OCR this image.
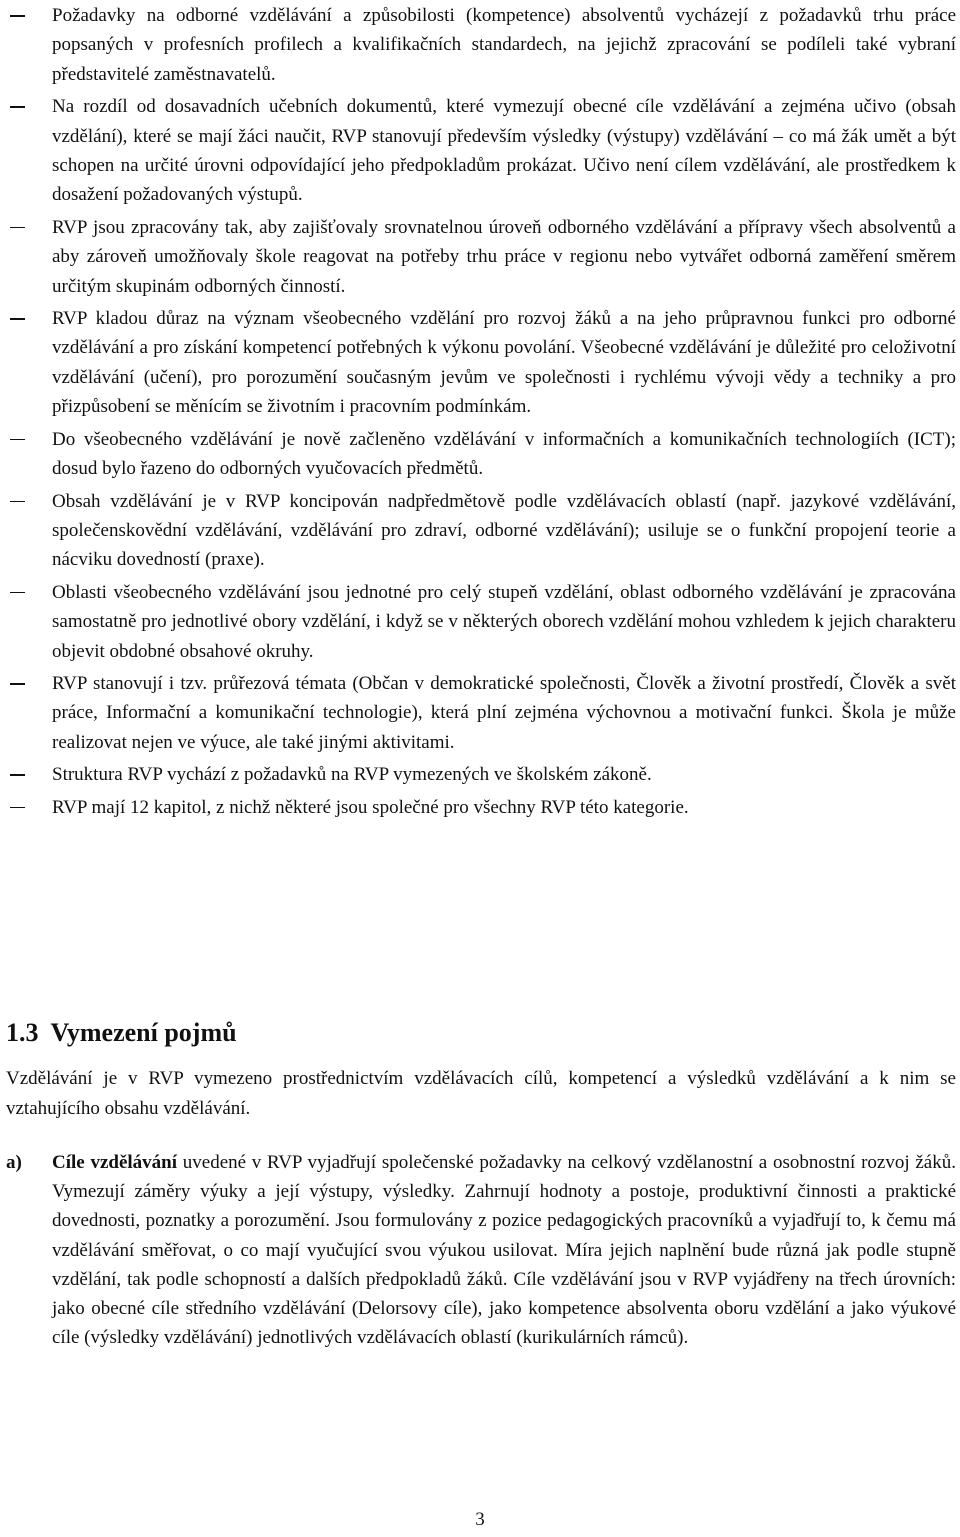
Požadavky na odborné vzdělávání a způsobilosti (kompetence) absolventů vycházejí z požadavků trhu práce popsaných v profesních profilech a kvalifikačních standardech, na jejichž zpracování se podíleli také vybraní představitelé zaměstnavatelů.
Na rozdíl od dosavadních učebních dokumentů, které vymezují obecné cíle vzdělávání a zejména učivo (obsah vzdělání), které se mají žáci naučit, RVP stanovují především výsledky (výstupy) vzdělávání – co má žák umět a být schopen na určité úrovni odpovídající jeho předpokladům prokázat. Učivo není cílem vzdělávání, ale prostředkem k dosažení požadovaných výstupů.
RVP jsou zpracovány tak, aby zajišťovaly srovnatelnou úroveň odborného vzdělávání a přípravy všech absolventů a aby zároveň umožňovaly škole reagovat na potřeby trhu práce v regionu nebo vytvářet odborná zaměření směrem určitým skupinám odborných činností.
RVP kladou důraz na význam všeobecného vzdělání pro rozvoj žáků a na jeho průpravnou funkci pro odborné vzdělávání a pro získání kompetencí potřebných k výkonu povolání. Všeobecné vzdělávání je důležité pro celoživotní vzdělávání (učení), pro porozumění současným jevům ve společnosti i rychlému vývoji vědy a techniky a pro přizpůsobení se měnícím se životním i pracovním podmínkám.
Do všeobecného vzdělávání je nově začleněno vzdělávání v informačních a komunikačních technologiích (ICT); dosud bylo řazeno do odborných vyučovacích předmětů.
Obsah vzdělávání je v RVP koncipován nadpředmětově podle vzdělávacích oblastí (např. jazykové vzdělávání, společenskovědní vzdělávání, vzdělávání pro zdraví, odborné vzdělávání); usiluje se o funkční propojení teorie a nácviku dovedností (praxe).
Oblasti všeobecného vzdělávání jsou jednotné pro celý stupeň vzdělání, oblast odborného vzdělávání je zpracována samostatně pro jednotlivé obory vzdělání, i když se v některých oborech vzdělání mohou vzhledem k jejich charakteru objevit obdobné obsahové okruhy.
RVP stanovují i tzv. průřezová témata (Občan v demokratické společnosti, Člověk a životní prostředí, Člověk a svět práce, Informační a komunikační technologie), která plní zejména výchovnou a motivační funkci. Škola je může realizovat nejen ve výuce, ale také jinými aktivitami.
Struktura RVP vychází z požadavků na RVP vymezených ve školském zákoně.
RVP mají 12 kapitol, z nichž některé jsou společné pro všechny RVP této kategorie.
1.3 Vymezení pojmů

Vzdělávání je v RVP vymezeno prostřednictvím vzdělávacích cílů, kompetencí a výsledků vzdělávání a k nim se vztahujícího obsahu vzdělávání.

a) Cíle vzdělávání uvedené v RVP vyjadřují společenské požadavky na celkový vzdělanostní a osobnostní rozvoj žáků. Vymezují záměry výuky a její výstupy, výsledky. Zahrnují hodnoty a postoje, produktivní činnosti a praktické dovednosti, poznatky a porozumění. Jsou formulovány z pozice pedagogických pracovníků a vyjadřují to, k čemu má vzdělávání směřovat, o co mají vyučující svou výukou usilovat. Míra jejich naplnění bude různá jak podle stupně vzdělání, tak podle schopností a dalších předpokladů žáků. Cíle vzdělávání jsou v RVP vyjádřeny na třech úrovních: jako obecné cíle středního vzdělávání (Delorsovy cíle), jako kompetence absolventa oboru vzdělání a jako výukové cíle (výsledky vzdělávání) jednotlivých vzdělávacích oblastí (kurikulárních rámců).
3
